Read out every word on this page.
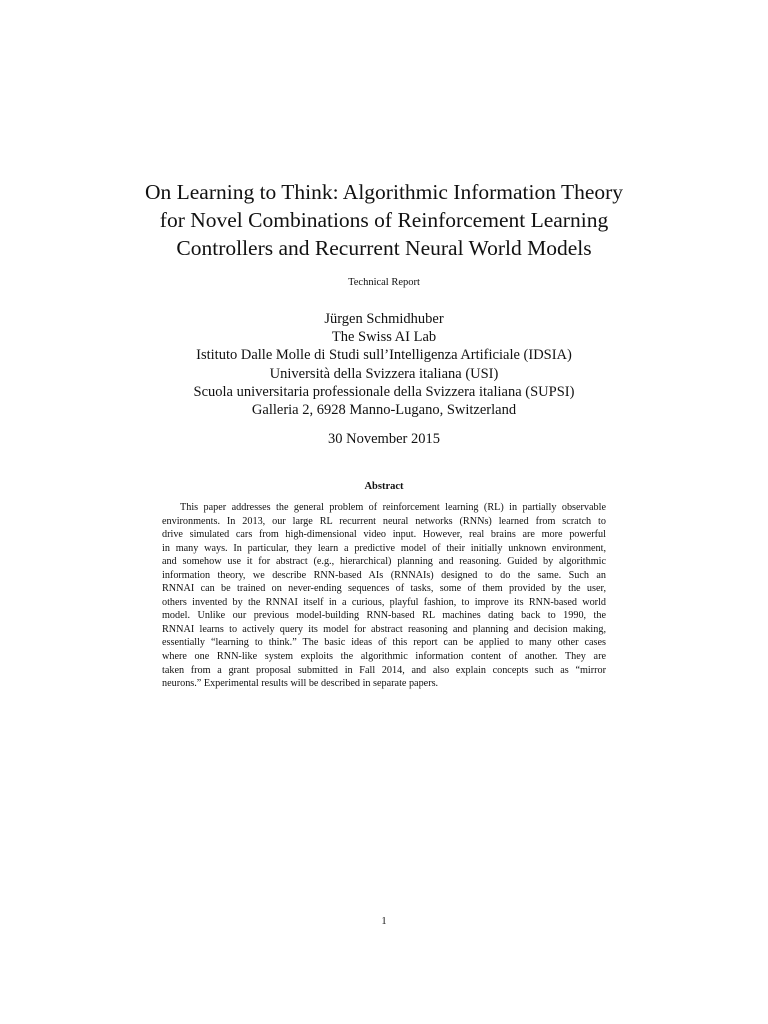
On Learning to Think: Algorithmic Information Theory
for Novel Combinations of Reinforcement Learning
Controllers and Recurrent Neural World Models
Technical Report
Jürgen Schmidhuber
The Swiss AI Lab
Istituto Dalle Molle di Studi sull’Intelligenza Artificiale (IDSIA)
Università della Svizzera italiana (USI)
Scuola universitaria professionale della Svizzera italiana (SUPSI)
Galleria 2, 6928 Manno-Lugano, Switzerland
30 November 2015
Abstract
This paper addresses the general problem of reinforcement learning (RL) in partially observable
environments. In 2013, our large RL recurrent neural networks (RNNs) learned from scratch to
drive simulated cars from high-dimensional video input. However, real brains are more powerful
in many ways. In particular, they learn a predictive model of their initially unknown environment,
and somehow use it for abstract (e.g., hierarchical) planning and reasoning. Guided by algorithmic
information theory, we describe RNN-based AIs (RNNAIs) designed to do the same. Such an
RNNAI can be trained on never-ending sequences of tasks, some of them provided by the user,
others invented by the RNNAI itself in a curious, playful fashion, to improve its RNN-based world
model. Unlike our previous model-building RNN-based RL machines dating back to 1990, the
RNNAI learns to actively query its model for abstract reasoning and planning and decision making,
essentially “learning to think.” The basic ideas of this report can be applied to many other cases
where one RNN-like system exploits the algorithmic information content of another. They are
taken from a grant proposal submitted in Fall 2014, and also explain concepts such as “mirror
neurons.” Experimental results will be described in separate papers.
1
